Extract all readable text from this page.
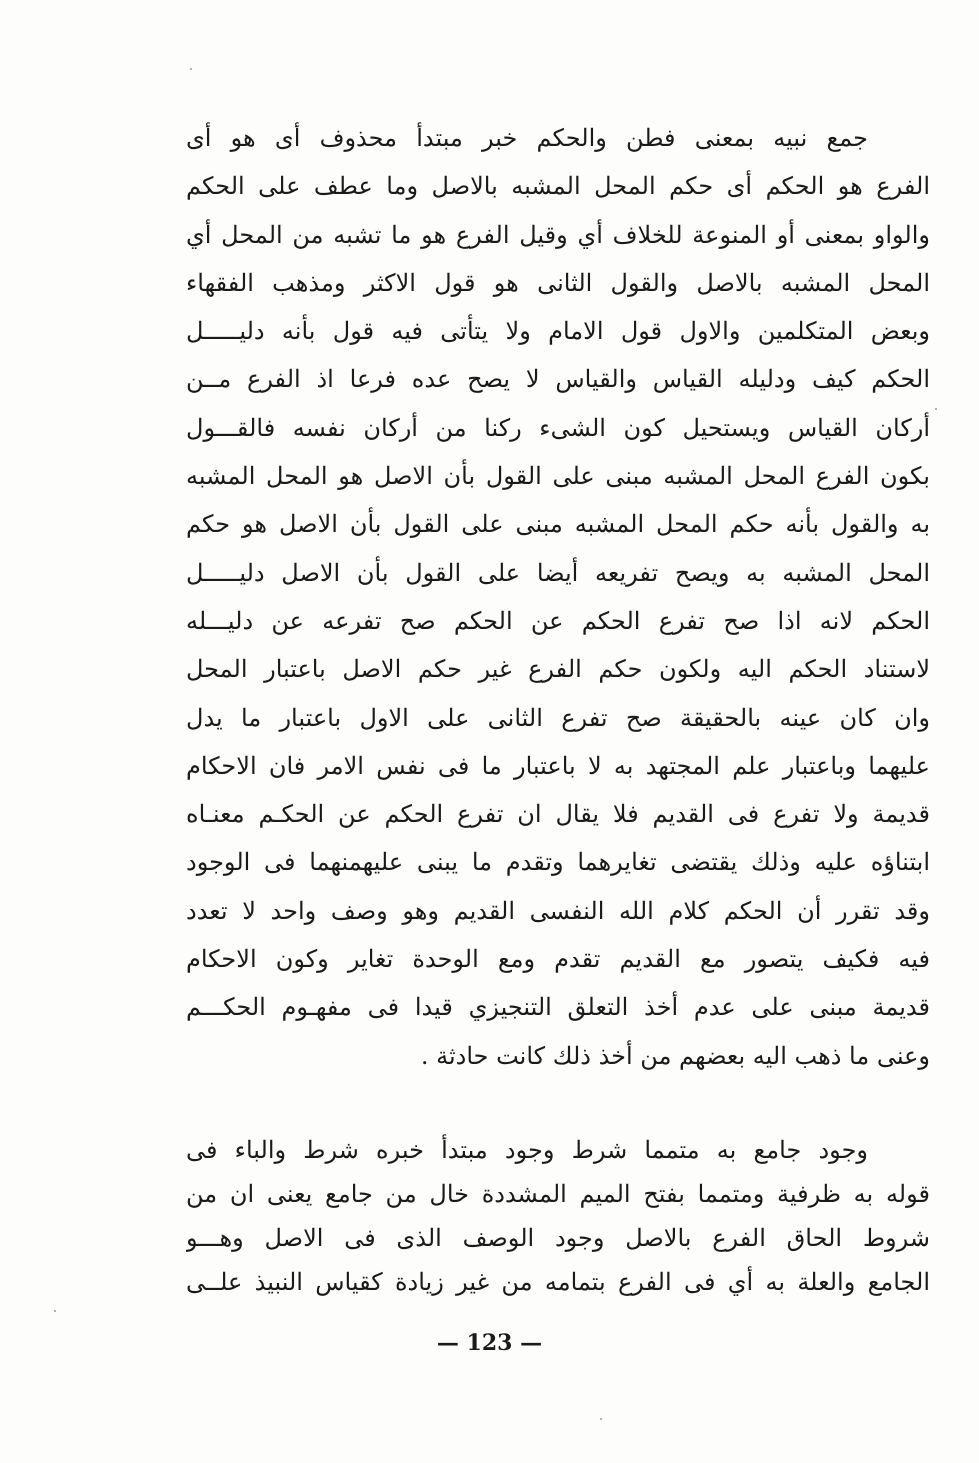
جمع نبيه بمعنى فطن والحكم خبر مبتدأ محذوف أى هو أى
الفرع هو الحكم أى حكم المحل المشبه بالاصل وما عطف على الحكم
والواو بمعنى أو المنوعة للخلاف أي وقيل الفرع هو ما تشبه من المحل أي
المحل المشبه بالاصل والقول الثانى هو قول الاكثر ومذهب الفقهاء
وبعض المتكلمين والاول قول الامام ولا يتأتى فيه قول بأنه دليـــــل
الحكم كيف ودليله القياس والقياس لا يصح عده فرعا اذ الفرع مــن
أركان القياس ويستحيل كون الشىء ركنا من أركان نفسه فالقـــول
بكون الفرع المحل المشبه مبنى على القول بأن الاصل هو المحل المشبه
به والقول بأنه حكم المحل المشبه مبنى على القول بأن الاصل هو حكم
المحل المشبه به ويصح تفريعه أيضا على القول بأن الاصل دليـــــل
الحكم لانه اذا صح تفرع الحكم عن الحكم صح تفرعه عن دليـــله
لاستناد الحكم اليه ولكون حكم الفرع غير حكم الاصل باعتبار المحل
وان كان عينه بالحقيقة صح تفرع الثانى على الاول باعتبار ما يدل
عليهما وباعتبار علم المجتهد به لا باعتبار ما فى نفس الامر فان الاحكام
قديمة ولا تفرع فى القديم فلا يقال ان تفرع الحكم عن الحكـم معنـاه
ابتناؤه عليه وذلك يقتضى تغايرهما وتقدم ما يبنى عليهمنهما فى الوجود
وقد تقرر أن الحكم كلام الله النفسى القديم وهو وصف واحد لا تعدد
فيه فكيف يتصور مع القديم تقدم ومع الوحدة تغاير وكون الاحكام
قديمة مبنى على عدم أخذ التعلق التنجيزي قيدا فى مفهـوم الحكـــم
وعنى ما ذهب اليه بعضهم من أخذ ذلك كانت حادثة .
وجود جامع به متمما شرط وجود مبتدأ خبره شرط والباء فى
قوله به ظرفية ومتمما بفتح الميم المشددة خال من جامع يعنى ان من
شروط الحاق الفرع بالاصل وجود الوصف الذى فى الاصل وهـــو
الجامع والعلة به أي فى الفرع بتمامه من غير زيادة كقياس النبيذ علــى
— 123 —
